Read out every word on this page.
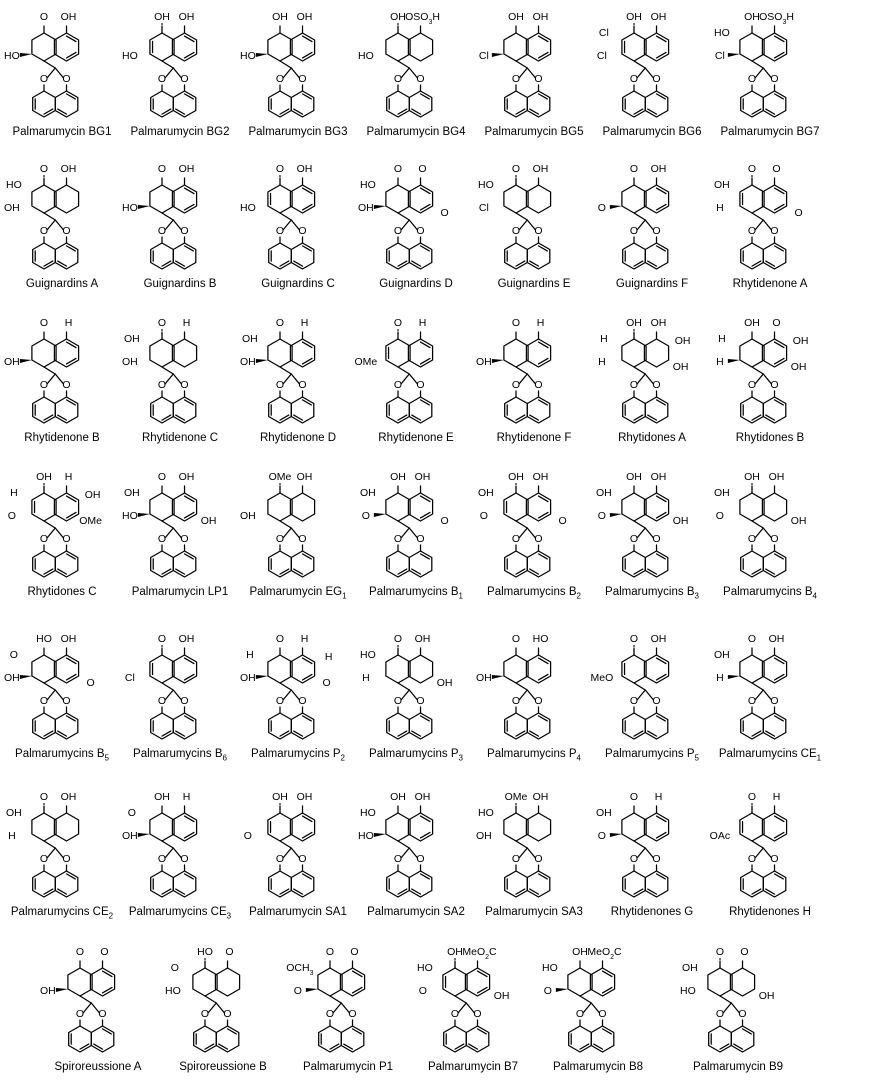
O O
O OH
HO
Palmarumycin BG1
O O
OH OH
HO
Palmarumycin BG2
O O
OH OH
HO
Palmarumycin BG3
O O
OH $OSO_3H$
HO
Palmarumycin BG4
O O
OH OH
Cl
Palmarumycin BG5
O O
OH OH
Cl
Cl
Palmarumycin BG6
O O
OH $OSO_3H$
Cl
HO
Palmarumycin BG7
O O
O OH
OH
HO
Guignardins A
O O
O OH
HO
Guignardins B
O O
O OH
HO
Guignardins C
O O
O O
OH
HO
O
Guignardins D
O O
O OH
Cl
HO
Guignardins E
O O
O OH
O
Guignardins F
O O
O O
H
OH
O
Rhytidenone A
O O
O H
OH
Rhytidenone B
O O
O H
OH
OH
Rhytidenone C
O O
O H
OH
OH
Rhytidenone D
O O
O H
OMe
Rhytidenone E
O O
O H
OH
Rhytidenone F
O O
OH OH
H
H
OH
OH
Rhytidones A
O O
OH O
H
H
OH
OH
Rhytidones B
O O
OH H
O
H
OMe
OH
Rhytidones C
O O
O OH
HO
OH
OH
Palmarumycin LP1
O O
OMe OH
OH
Palmarumycin $EG_1$
O O
OH OH
O
OH
O
Palmarumycins $B_1$
O O
OH OH
O
OH
O
Palmarumycins $B_2$
O O
OH OH
O
OH
OH
Palmarumycins $B_3$
O O
OH OH
O
OH
OH
Palmarumycins $B_4$
O O
HO OH
OH
O
O
Palmarumycins $B_5$
O O
O OH
Cl
Palmarumycins $B_6$
O O
O H
OH
H
O
H
Palmarumycins $P_2$
O O
O OH
H
HO
OH
Palmarumycins $P_3$
O O
O HO
OH
Palmarumycins $P_4$
O O
O OH
MeO
Palmarumycins $P_5$
O O
O OH
H
OH
Palmarumycins $CE_1$
O O
O OH
H
OH
Palmarumycins $CE_2$
O O
OH H
OH
O
Palmarumycins $CE_3$
O O
OH OH
O
Palmarumycin SA1
O O
OH OH
HO
HO
Palmarumycin SA2
O O
OMe OH
OH
HO
Palmarumycin SA3
O O
O H
O
OH
Rhytidenones G
O O
O H
OAc
Rhytidenones H
O O
O O
OH
Spiroreussione A
O O
HO O
HO
O
Spiroreussione B
O O
O O
O
$OCH_3$
Palmarumycin P1
O O
OH MeO$_2$C
O
HO
OH
Palmarumycin B7
O O
OH MeO$_2$C
O
HO
Palmarumycin B8
O O
O O
HO
OH
OH
Palmarumycin B9
